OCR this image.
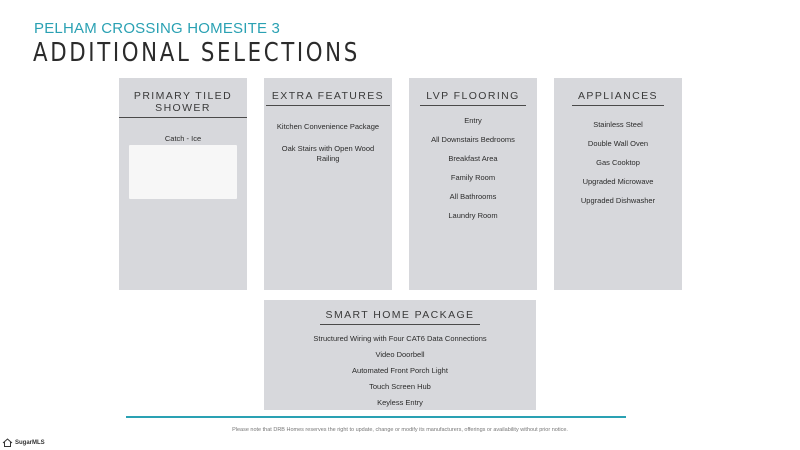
PELHAM CROSSING HOMESITE 3
ADDITIONAL SELECTIONS
PRIMARY TILED SHOWER
Catch - Ice
EXTRA FEATURES
Kitchen Convenience Package
Oak Stairs with Open Wood Railing
LVP FLOORING
Entry
All Downstairs Bedrooms
Breakfast Area
Family Room
All Bathrooms
Laundry Room
APPLIANCES
Stainless Steel
Double Wall Oven
Gas Cooktop
Upgraded Microwave
Upgraded Dishwasher
SMART HOME PACKAGE
Structured Wiring with Four CAT6 Data Connections
Video Doorbell
Automated Front Porch Light
Touch Screen Hub
Keyless Entry
Please note that DRB Homes reserves the right to update, change or modify its manufacturers, offerings or availability without prior notice.
SugarMLS
